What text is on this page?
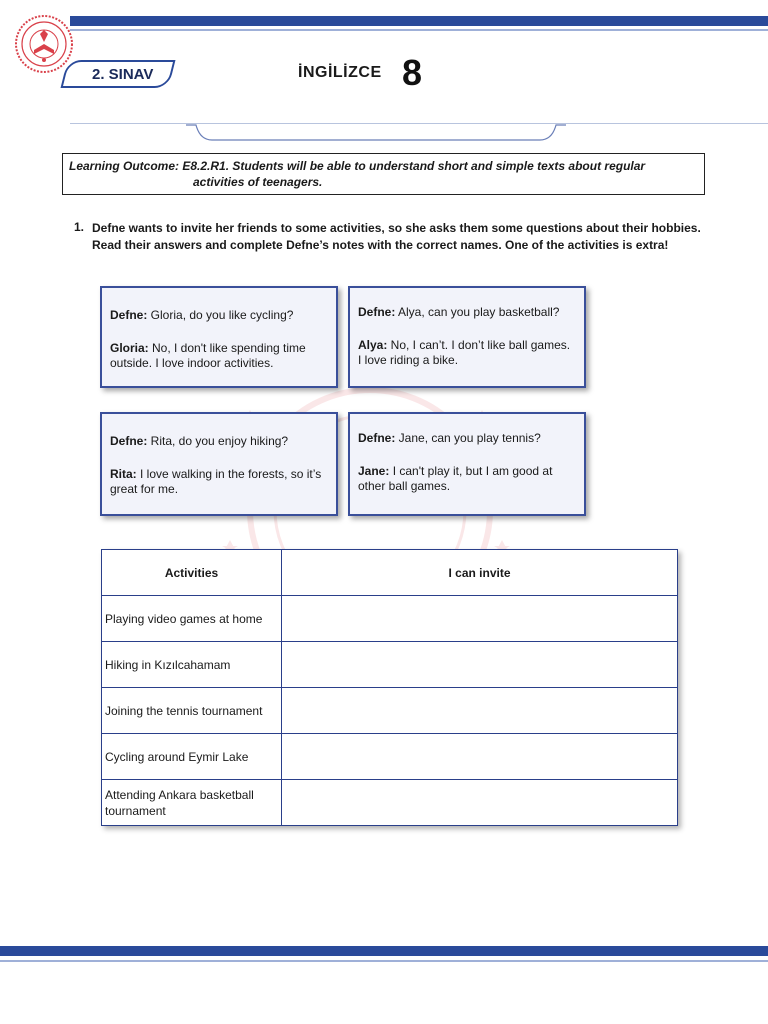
2. SINAV	İNGİLİZCE 8
Learning Outcome: E8.2.R1. Students will be able to understand short and simple texts about regular
activities of teenagers.
1. Defne wants to invite her friends to some activities, so she asks them some questions about their hobbies. Read their answers and complete Defne’s notes with the correct names. One of the activities is extra!

Defne: Gloria, do you like cycling?

Gloria: No, I don't like spending time outside. I love indoor activities.

Defne: Alya, can you play basketball?

Alya: No, I can’t. I don’t like ball games. I love riding a bike.

Defne: Rita, do you enjoy hiking?

Rita: I love walking in the forests, so it’s great for me.

Defne: Jane, can you play tennis?

Jane: I can't play it, but I am good at other ball games.

Activities	I can invite
Playing video games at home	
Hiking in Kızılcahamam	
Joining the tennis tournament	
Cycling around Eymir Lake	
Attending Ankara basketball tournament	
